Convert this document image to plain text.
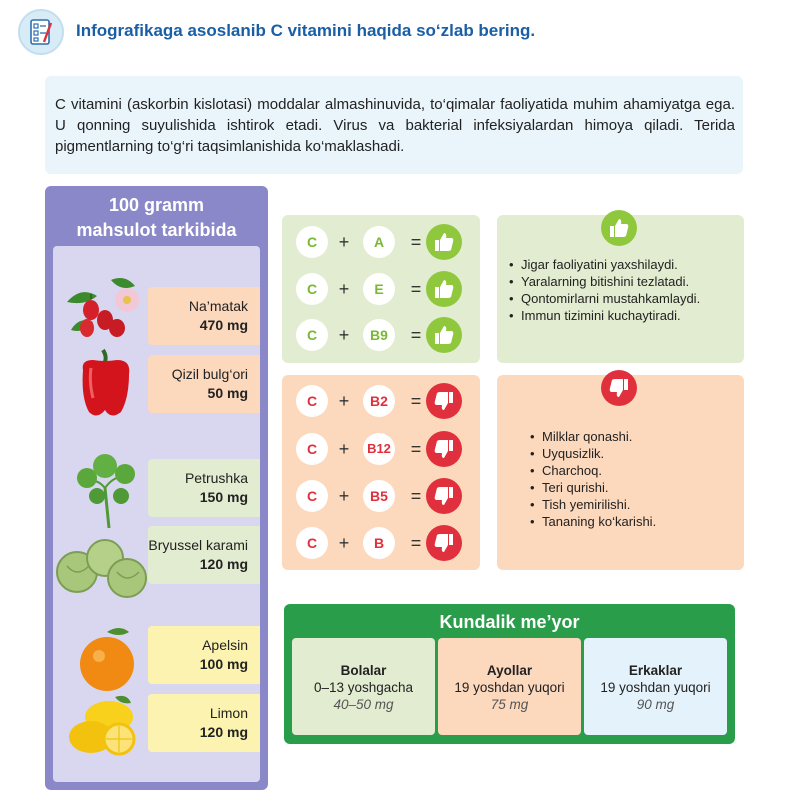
Infografikaga asoslanib C vitamini haqida so‘zlab bering.
C vitamini (askorbin kislotasi) moddalar almashinuvida, to‘qimalar faoliyatida muhim ahamiyatga ega. U qonning suyulishida ishtirok etadi. Virus va bakterial infeksiyalardan himoya qiladi. Terida pigmentlarning to‘g‘ri taqsimlanishida ko‘maklashadi.
100 gramm
mahsulot tarkibida
Na’matak
470 mg
Qizil bulg‘ori
50 mg
Petrushka
150 mg
Bryussel karami
120 mg
Apelsin
100 mg
Limon
120 mg
C	+	A	=
C	+	E	=
C	+	B9	=
C	+	B2	=
C	+	B12 =
C	+	B5	=
C	+	B	=
• Jigar faoliyatini yaxshilaydi.
• Yaralarning bitishini tezlatadi.
• Qontomirlarni mustahkamlaydi.
• Immun tizimini kuchaytiradi.
• Milklar qonashi.
• Uyqusizlik.
• Charchoq.
• Teri qurishi.
• Tish yemirilishi.
• Tananing ko‘karishi.
Kundalik me’yor
Bolalar
0–13 yoshgacha
40–50 mg
Ayollar
19 yoshdan yuqori
75 mg
Erkaklar
19 yoshdan yuqori
90 mg
